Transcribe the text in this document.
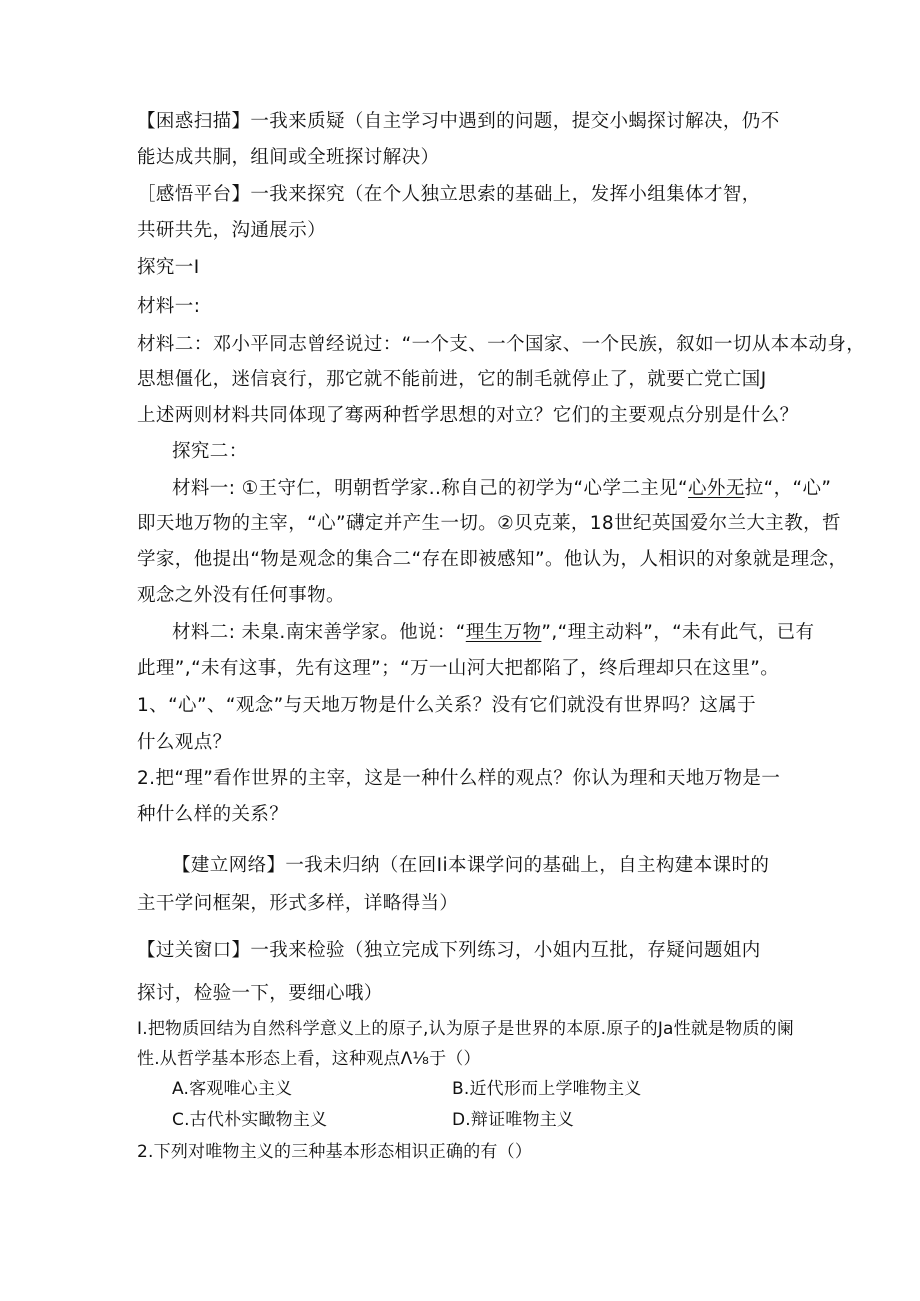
【困惑扫描】一我来质疑（自主学习中遇到的问题，提交小蝎探讨解决，仍不
能达成共胴，组间或全班探讨解决）
［感悟平台】一我来探究（在个人独立思索的基础上，发挥小组集体才智，
共研共先，沟通展示）
探究一I
材料一:
材料二：邓小平同志曾经说过：“一个支、一个国家、一个民族，叙如一切从本本动身，
思想僵化，迷信哀行，那它就不能前进，它的制毛就停止了，就要亡党亡国J
上述两则材料共同体现了骞两种哲学思想的对立？它们的主要观点分别是什么？
探究二：
材料一: ①王守仁，明朝哲学家..称自己的初学为“心学二主见“心外无拉“，“心”
即天地万物的主宰，“心”礴定并产生一切。②贝克莱，18世纪英国爱尔兰大主教，哲
学家，他提出“物是观念的集合二“存在即被感知”。他认为，人相识的对象就是理念，
观念之外没有任何事物。
材料二: 未臬.南宋善学家。他说：“理生万物”,“理主动料”，“未有此气，已有
此理”,“未有这事，先有这理”；“万一山河大把都陷了，终后理却只在这里”。
1、“心”、“观念”与天地万物是什么关系？没有它们就没有世界吗？这属于
什么观点？
2.把“理”看作世界的主宰，这是一种什么样的观点？你认为理和天地万物是一
种什么样的关系？
【建立网络】一我未归纳（在回Ii本课学问的基础上，自主构建本课时的
主干学问框架，形式多样，详略得当）
【过关窗口】一我来检验（独立完成下列练习，小姐内互批，存疑问题姐内
探讨，检验一下，要细心哦）
I.把物质回结为自然科学意义上的原子,认为原子是世界的本原.原子的Ja性就是物质的阑
性.从哲学基本形态上看，这种观点Λ⅛于（）
A.客观唯心主义	B.近代形而上学唯物主义
C.古代朴实瞰物主义	D.辩证唯物主义
2.下列对唯物主义的三种基本形态相识正确的有（）
